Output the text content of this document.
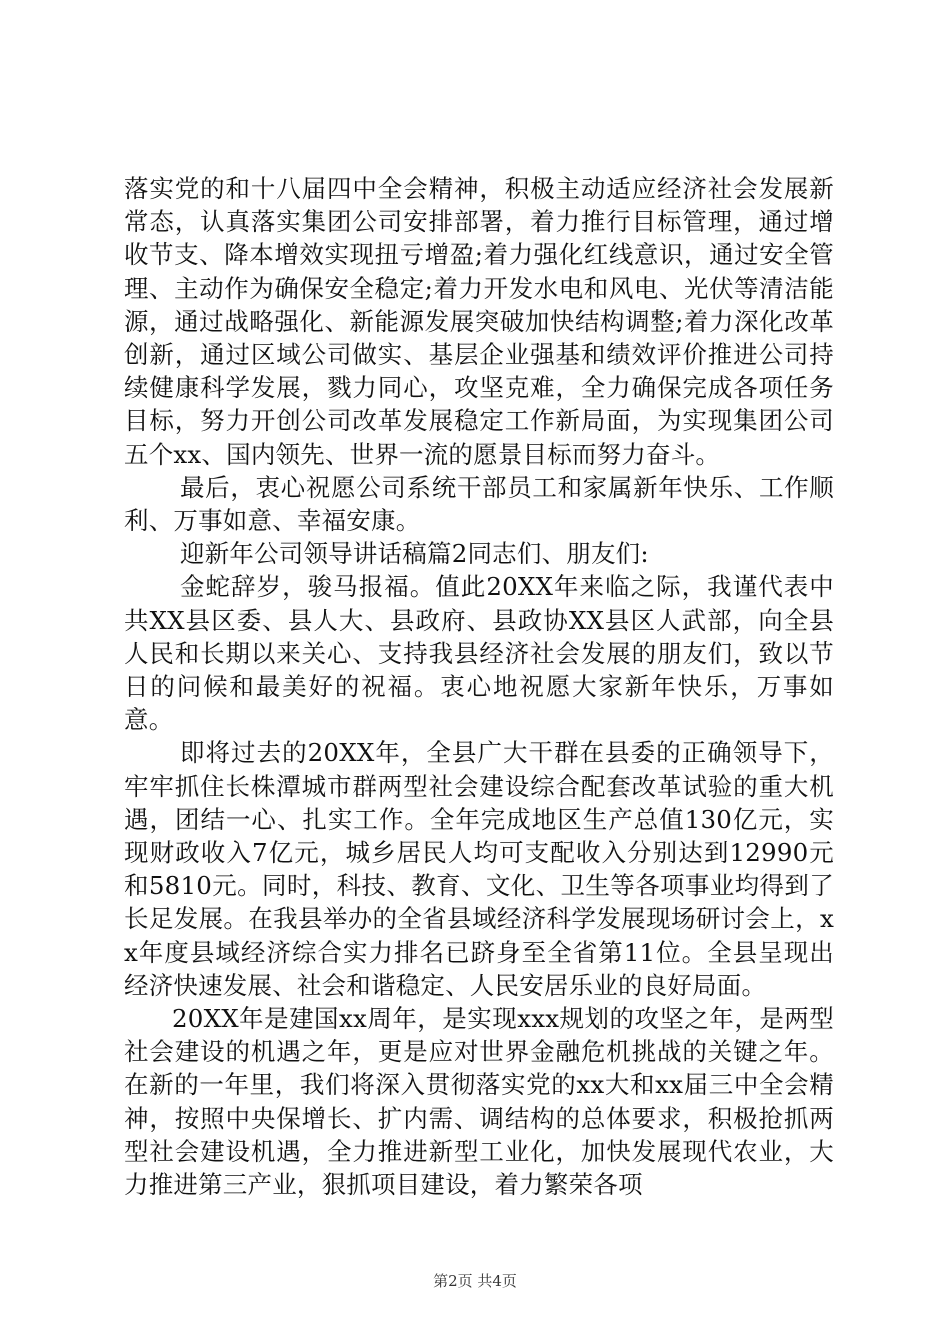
落实党的和十八届四中全会精神，积极主动适应经济社会发展新常态，认真落实集团公司安排部署，着力推行目标管理，通过增收节支、降本增效实现扭亏增盈;着力强化红线意识，通过安全管理、主动作为确保安全稳定;着力开发水电和风电、光伏等清洁能源，通过战略强化、新能源发展突破加快结构调整;着力深化改革创新，通过区域公司做实、基层企业强基和绩效评价推进公司持续健康科学发展，戮力同心，攻坚克难，全力确保完成各项任务目标，努力开创公司改革发展稳定工作新局面，为实现集团公司五个xx、国内领先、世界一流的愿景目标而努力奋斗。

最后，衷心祝愿公司系统干部员工和家属新年快乐、工作顺利、万事如意、幸福安康。

迎新年公司领导讲话稿篇2同志们、朋友们:

金蛇辞岁，骏马报福。值此20XX年来临之际，我谨代表中共XX县区委、县人大、县政府、县政协XX县区人武部，向全县人民和长期以来关心、支持我县经济社会发展的朋友们，致以节日的问候和最美好的祝福。衷心地祝愿大家新年快乐，万事如意。

即将过去的20XX年，全县广大干群在县委的正确领导下，牢牢抓住长株潭城市群两型社会建设综合配套改革试验的重大机遇，团结一心、扎实工作。全年完成地区生产总值130亿元，实现财政收入7亿元，城乡居民人均可支配收入分别达到12990元和5810元。同时，科技、教育、文化、卫生等各项事业均得到了长足发展。在我县举办的全省县域经济科学发展现场研讨会上，xx年度县域经济综合实力排名已跻身至全省第11位。全县呈现出经济快速发展、社会和谐稳定、人民安居乐业的良好局面。

20XX年是建国xx周年，是实现xxx规划的攻坚之年，是两型社会建设的机遇之年，更是应对世界金融危机挑战的关键之年。在新的一年里，我们将深入贯彻落实党的xx大和xx届三中全会精神，按照中央保增长、扩内需、调结构的总体要求，积极抢抓两型社会建设机遇，全力推进新型工业化，加快发展现代农业，大力推进第三产业，狠抓项目建设，着力繁荣各项

第2页 共4页
